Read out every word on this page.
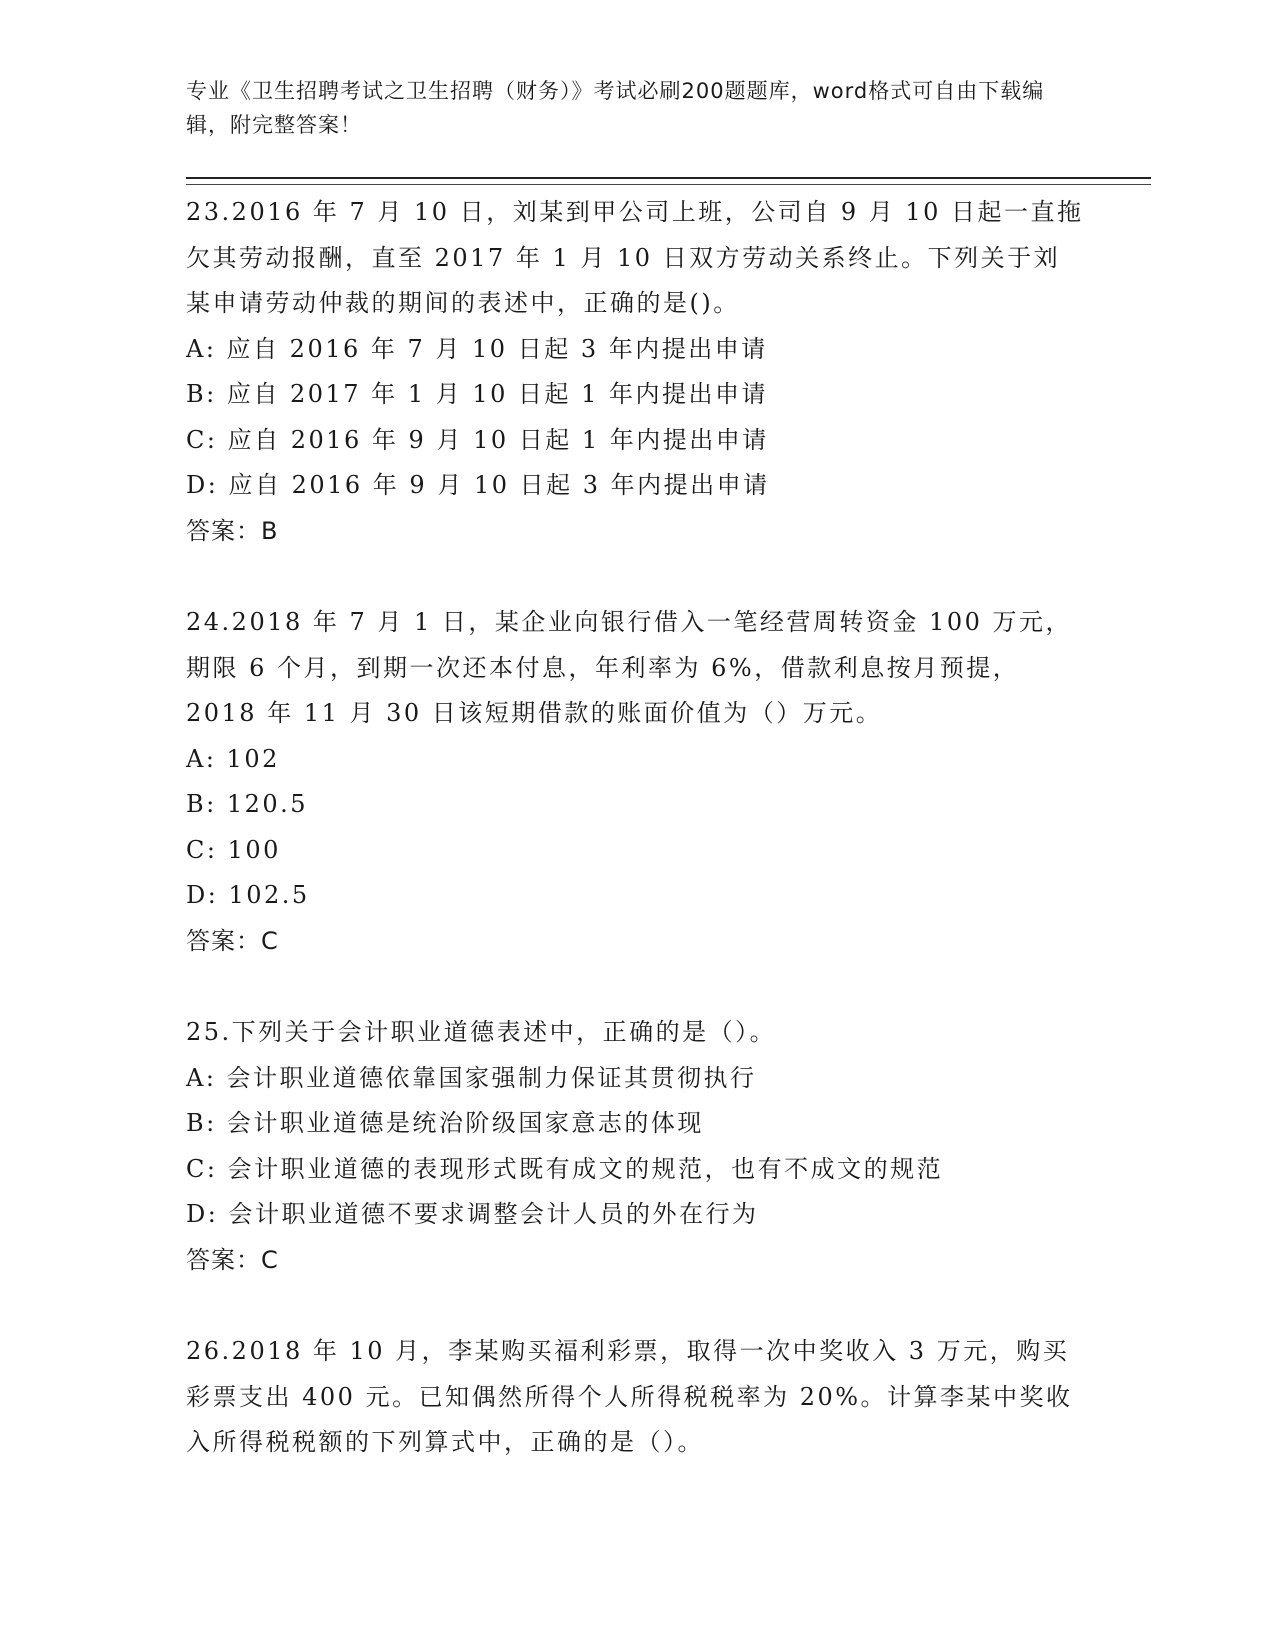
专业《卫生招聘考试之卫生招聘（财务）》考试必刷200题题库，word格式可自由下载编辑，附完整答案！

23.2016 年 7 月 10 日，刘某到甲公司上班，公司自 9 月 10 日起一直拖欠其劳动报酬，直至 2017 年 1 月 10 日双方劳动关系终止。下列关于刘某申请劳动仲裁的期间的表述中，正确的是()。

A: 应自 2016 年 7 月 10 日起 3 年内提出申请

B: 应自 2017 年 1 月 10 日起 1 年内提出申请

C: 应自 2016 年 9 月 10 日起 1 年内提出申请

D: 应自 2016 年 9 月 10 日起 3 年内提出申请

答案：B

24.2018 年 7 月 1 日，某企业向银行借入一笔经营周转资金 100 万元，期限 6 个月，到期一次还本付息，年利率为 6%，借款利息按月预提，2018 年 11 月 30 日该短期借款的账面价值为（）万元。

A: 102

B: 120.5

C: 100

D: 102.5

答案：C

25.下列关于会计职业道德表述中，正确的是（）。

A: 会计职业道德依靠国家强制力保证其贯彻执行

B: 会计职业道德是统治阶级国家意志的体现

C: 会计职业道德的表现形式既有成文的规范，也有不成文的规范

D: 会计职业道德不要求调整会计人员的外在行为

答案：C

26.2018 年 10 月，李某购买福利彩票，取得一次中奖收入 3 万元，购买彩票支出 400 元。已知偶然所得个人所得税税率为 20%。计算李某中奖收入所得税税额的下列算式中，正确的是（）。
